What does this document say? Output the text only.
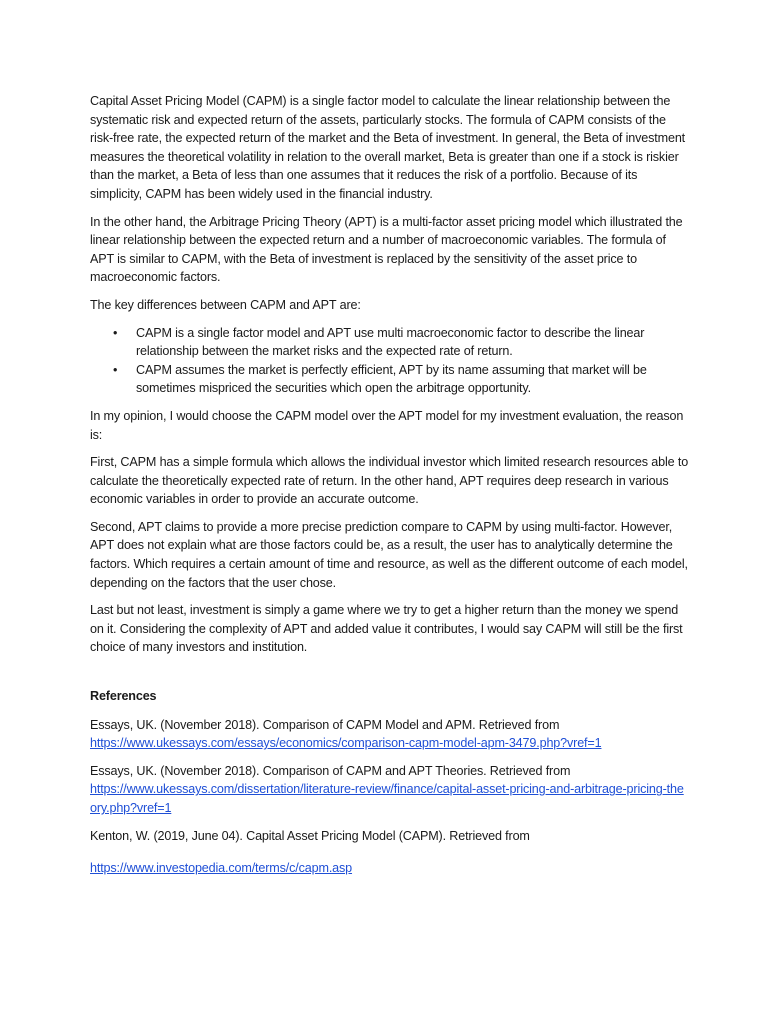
Capital Asset Pricing Model (CAPM) is a single factor model to calculate the linear relationship between the systematic risk and expected return of the assets, particularly stocks. The formula of CAPM consists of the risk-free rate, the expected return of the market and the Beta of investment. In general, the Beta of investment measures the theoretical volatility in relation to the overall market, Beta is greater than one if a stock is riskier than the market, a Beta of less than one assumes that it reduces the risk of a portfolio. Because of its simplicity, CAPM has been widely used in the financial industry.

In the other hand, the Arbitrage Pricing Theory (APT) is a multi-factor asset pricing model which illustrated the linear relationship between the expected return and a number of macroeconomic variables. The formula of APT is similar to CAPM, with the Beta of investment is replaced by the sensitivity of the asset price to macroeconomic factors.

The key differences between CAPM and APT are:

• CAPM is a single factor model and APT use multi macroeconomic factor to describe the linear relationship between the market risks and the expected rate of return.
• CAPM assumes the market is perfectly efficient, APT by its name assuming that market will be sometimes mispriced the securities which open the arbitrage opportunity.

In my opinion, I would choose the CAPM model over the APT model for my investment evaluation, the reason is:

First, CAPM has a simple formula which allows the individual investor which limited research resources able to calculate the theoretically expected rate of return. In the other hand, APT requires deep research in various economic variables in order to provide an accurate outcome.

Second, APT claims to provide a more precise prediction compare to CAPM by using multi-factor. However, APT does not explain what are those factors could be, as a result, the user has to analytically determine the factors. Which requires a certain amount of time and resource, as well as the different outcome of each model, depending on the factors that the user chose.

Last but not least, investment is simply a game where we try to get a higher return than the money we spend on it. Considering the complexity of APT and added value it contributes, I would say CAPM will still be the first choice of many investors and institution.

References

Essays, UK. (November 2018). Comparison of CAPM Model and APM. Retrieved from

https://www.ukessays.com/essays/economics/comparison-capm-model-apm-3479.php?vref=1

Essays, UK. (November 2018). Comparison of CAPM and APT Theories. Retrieved from

https://www.ukessays.com/dissertation/literature-review/finance/capital-asset-pricing-and-arbitrage-pricing-theory.php?vref=1

Kenton, W. (2019, June 04). Capital Asset Pricing Model (CAPM). Retrieved from

https://www.investopedia.com/terms/c/capm.asp
